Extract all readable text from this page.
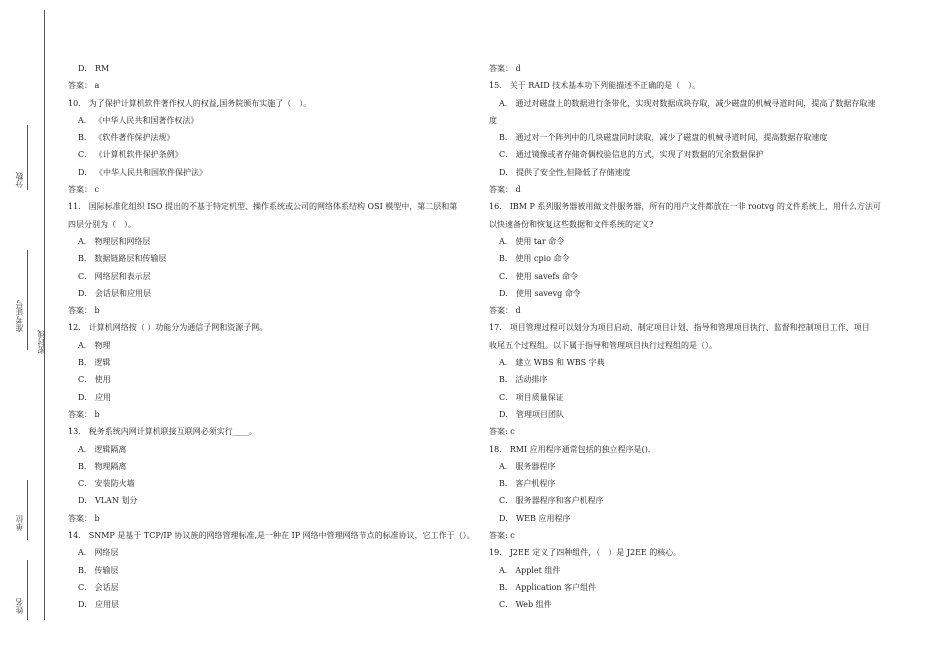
分数
准考证号
密封线
单位
姓名
D． RM
答案： a
10． 为了保护计算机软件著作权人的权益,国务院颁布实施了（　）。
A． 《中华人民共和国著作权法》
B． 《软件著作保护法规》
C． 《计算机软件保护条例》
D． 《中华人民共和国软件保护法》
答案： c
11． 国际标准化组织 ISO 提出的不基于特定机型、操作系统或公司的网络体系结构 OSI 模型中，第二层和第
四层分别为（　）。
A． 物理层和网络层
B． 数据链路层和传输层
C． 网络层和表示层
D． 会话层和应用层
答案： b
12． 计算机网络按（ ）功能分为通信子网和资源子网。
A． 物理
B． 逻辑
C． 使用
D． 应用
答案： b
13． 税务系统内网计算机联接互联网必须实行____。
A． 逻辑隔离
B． 物理隔离
C． 安装防火墙
D． VLAN 划分
答案： b
14． SNMP 是基于 TCP/IP 协议族的网络管理标准,是一种在 IP 网络中管理网络节点的标准协议，它工作于（）。
A． 网络层
B． 传输层
C． 会话层
D． 应用层
答案： d
15． 关于 RAID 技术基本功下列能描述不正确的是（　）。
A． 通过对磁盘上的数据进行条带化，实现对数据成块存取，减少磁盘的机械寻道时间，提高了数据存取速
度
B． 通过对一个阵列中的几块磁盘同时读取，减少了磁盘的机械寻道时间，提高数据存取速度
C． 通过镜像或者存储奇偶校验信息的方式，实现了对数据的冗余数据保护
D． 提供了安全性,但降低了存储速度
答案： d
16． IBM P 系列服务器被用做文件服务器，所有的用户文件都放在一非 rootvg 的文件系统上，用什么方法可
以快速备份和恢复这些数据和文件系统的定义?
A． 使用 tar 命令
B． 使用 cpio 命令
C． 使用 savefs 命令
D． 使用 savevg 命令
答案： d
17． 项目管理过程可以划分为项目启动、制定项目计划、指导和管理项目执行、监督和控制项目工作、项目
收尾五个过程组。以下属于指导和管理项目执行过程组的是（）。
A． 建立 WBS 和 WBS 字典
B． 活动排序
C． 项目质量保证
D． 管理项目团队
答案: c
18． RMI 应用程序通常包括的独立程序是()．
A． 服务器程序
B． 客户机程序
C． 服务器程序和客户机程序
D． WEB 应用程序
答案: c
19． J2EE 定义了四种组件，（　）是 J2EE 的核心。
A． Applet 组件
B． Application 客户组件
C． Web 组件
